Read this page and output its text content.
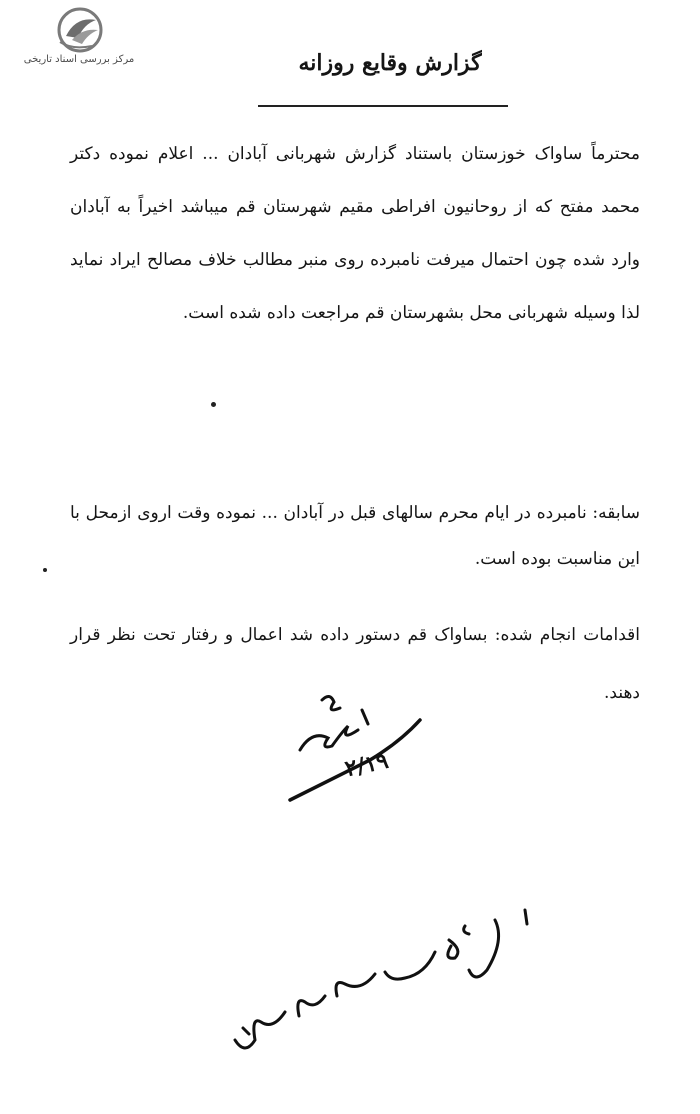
مرکز بررسی اسناد تاریخی	گزارش وقایع روزانه
محترماً ساواک خوزستان باستناد گزارش شهربانی آبادان ... اعلام نموده دکتر محمد مفتح که از روحانیون افراطی مقیم شهرستان قم میباشد اخیراً به آبادان وارد شده چون احتمال میرفت نامبرده روی منبر مطالب خلاف مصالح ایراد نماید لذا وسیله شهربانی محل بشهرستان قم مراجعت داده شده است.
سابقه: نامبرده در ایام محرم سالهای قبل در آبادان ... نموده وقت اروی ازمحل با این مناسبت بوده است.
اقدامات انجام شده: بساواک قم دستور داده شد اعمال و رفتار تحت نظر قرار دهند.
۲/۱۹
